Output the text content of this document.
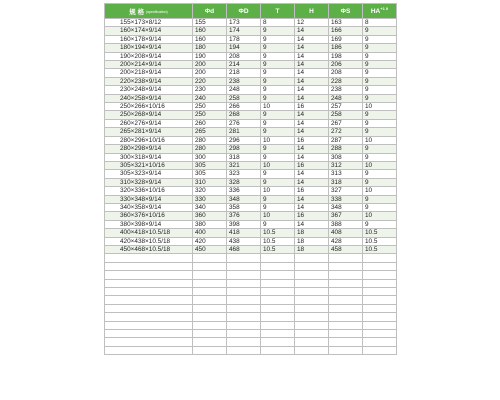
规 格 (specification)	Φd	ΦD	T	H	ΦS	$HA^{+1 0}$
155×173×8/12	155	173	8	12	163	8
160×174×9/14	160	174	9	14	166	9
160×178×9/14	160	178	9	14	169	9
180×194×9/14	180	194	9	14	186	9
190×208×9/14	190	208	9	14	198	9
200×214×9/14	200	214	9	14	206	9
200×218×9/14	200	218	9	14	208	9
220×238×9/14	220	238	9	14	228	9
230×248×9/14	230	248	9	14	238	9
240×258×9/14	240	258	9	14	248	9
250×266×10/16	250	266	10	16	257	10
250×268×9/14	250	268	9	14	258	9
260×276×9/14	260	276	9	14	267	9
265×281×9/14	265	281	9	14	272	9
280×296×10/16	280	296	10	16	287	10
280×298×9/14	280	298	9	14	288	9
300×318×9/14	300	318	9	14	308	9
305×321×10/16	305	321	10	16	312	10
305×323×9/14	305	323	9	14	313	9
310×328×9/14	310	328	9	14	318	9
320×336×10/16	320	336	10	16	327	10
330×348×9/14	330	348	9	14	338	9
340×358×9/14	340	358	9	14	348	9
360×376×10/16	360	376	10	16	367	10
380×398×9/14	380	398	9	14	388	9
400×418×10.5/18	400	418	10.5	18	408	10.5
420×438×10.5/18	420	438	10.5	18	428	10.5
450×468×10.5/18	450	468	10.5	18	458	10.5
